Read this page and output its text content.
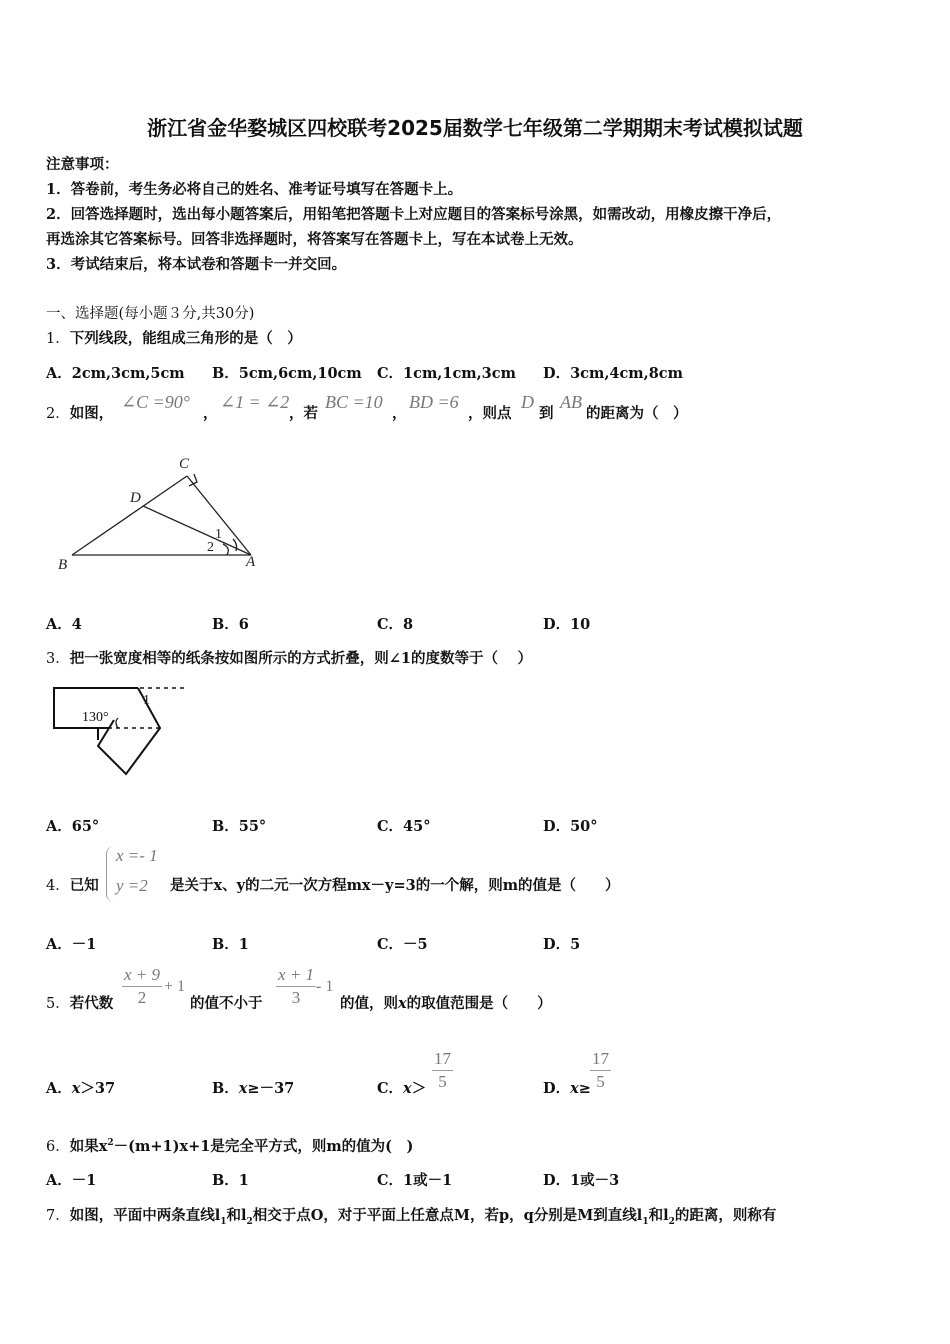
浙江省金华婺城区四校联考2025届数学七年级第二学期期末考试模拟试题
注意事项：
1．答卷前，考生务必将自己的姓名、准考证号填写在答题卡上。
2．回答选择题时，选出每小题答案后，用铅笔把答题卡上对应题目的答案标号涂黑，如需改动，用橡皮擦干净后，
再选涂其它答案标号。回答非选择题时，将答案写在答题卡上，写在本试卷上无效。
3．考试结束后，将本试卷和答题卡一并交回。
一、选择题(每小题３分,共30分)
1．下列线段，能组成三角形的是（　）
A．2cm,3cm,5cm B．5cm,6cm,10cm C．1cm,1cm,3cm D．3cm,4cm,8cm
2．如图，
∠C =90°
，
∠1 = ∠2
，若
BC =10
，
BD =6
，则点
D
到
AB
的距离为（　）
C
D
B	A
1
2
A．4	B．6	C．8	D．10
3．把一张宽度相等的纸条按如图所示的方式折叠，则∠1的度数等于（　 ）
130°
1
A．65°	B．55°	C．45°	D．50°
4．已知
x =- 1
y =2 是关于x、y的二元一次方程mx－y=3的一个解，则m的值是（　　）
A．－1	B．1	C．－5	D．5
5．若代数 $\frac{x + 9}{2} + 1$
的值不小于 $\frac{x + 1}{3} - 1$
的值，则x的取值范围是（　　）
A．x＞37	B．x≥－37	C．$x> \frac{17}{5}$	D．$x\ge \frac{17}{5}$
6．如果$x^2-(m+1)x+1$是完全平方式，则m的值为(　)
A．－1	B．1	C．1或－1	D．1或－3
7．如图，平面中两条直线$l_1$和$l_2$相交于点O，对于平面上任意点M，若p，q分别是M到直线$l_1$和$l_2$的距离，则称有
